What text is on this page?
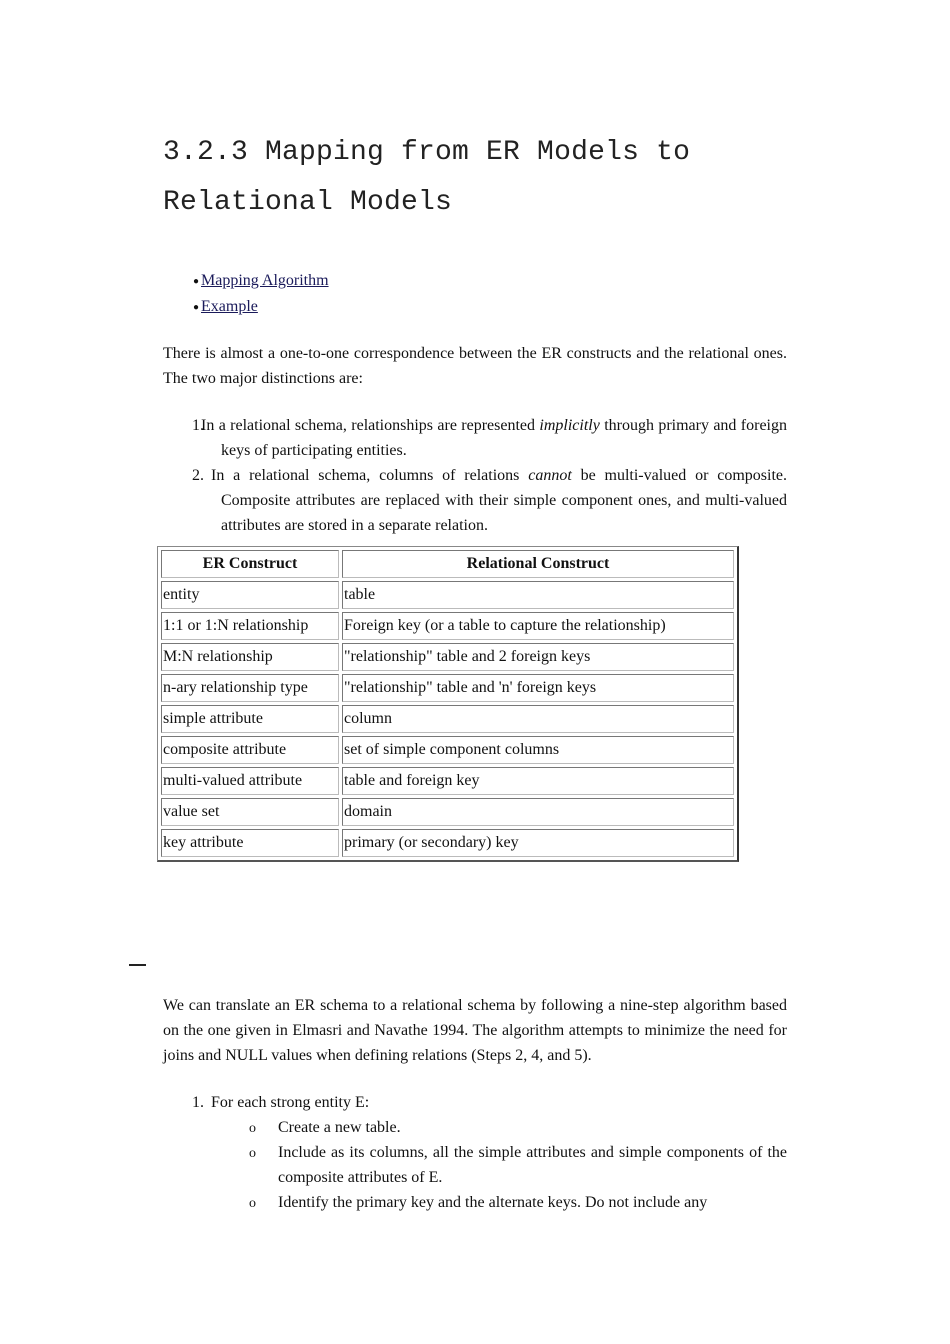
3.2.3 Mapping from ER Models to Relational Models
● Mapping Algorithm
● Example

There is almost a one-to-one correspondence between the ER constructs and the relational ones. The two major distinctions are:

1.
In a relational schema, relationships are represented implicitly through primary and foreign keys of participating entities.
2. In a relational schema, columns of relations cannot be multi-valued or composite. Composite attributes are replaced with their simple component ones, and multi-valued attributes are stored in a separate relation.
ER Construct	Relational Construct
entity	table
1:1 or 1:N relationship	Foreign key (or a table to capture the relationship)
M:N relationship	"relationship" table and 2 foreign keys
n-ary relationship type	"relationship" table and 'n' foreign keys
simple attribute	column
composite attribute	set of simple component columns
multi-valued attribute	table and foreign key
value set	domain
key attribute	primary (or secondary) key

We can translate an ER schema to a relational schema by following a nine-step algorithm based on the one given in Elmasri and Navathe 1994. The algorithm attempts to minimize the need for joins and NULL values when defining relations (Steps 2, 4, and 5).

1. For each strong entity E:
o Create a new table.
o Include as its columns, all the simple attributes and simple components of the composite attributes of E.
o Identify the primary key and the alternate keys. Do not include any
